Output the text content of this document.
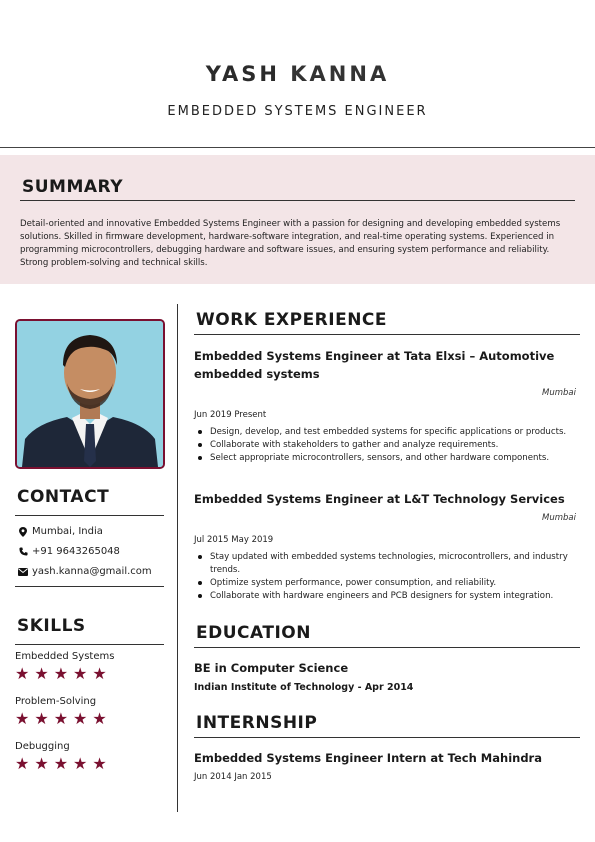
YASH KANNA
EMBEDDED SYSTEMS ENGINEER
SUMMARY

Detail-oriented and innovative Embedded Systems Engineer with a passion for designing and developing embedded systems solutions. Skilled in firmware development, hardware-software integration, and real-time operating systems. Experienced in programming microcontrollers, debugging hardware and software issues, and ensuring system performance and reliability. Strong problem-solving and technical skills.

CONTACT
Mumbai, India
+91 9643265048
yash.kanna@gmail.com
SKILLS
Embedded Systems
★ ★ ★ ★ ★
Problem-Solving
★ ★ ★ ★ ★
Debugging
★ ★ ★ ★ ★
WORK EXPERIENCE
Embedded Systems Engineer at Tata Elxsi – Automotive embedded systems
Mumbai
Jun 2019 Present
Design, develop, and test embedded systems for specific applications or products.
Collaborate with stakeholders to gather and analyze requirements.
Select appropriate microcontrollers, sensors, and other hardware components.
Embedded Systems Engineer at L&T Technology Services
Mumbai
Jul 2015 May 2019
Stay updated with embedded systems technologies, microcontrollers, and industry trends.
Optimize system performance, power consumption, and reliability.
Collaborate with hardware engineers and PCB designers for system integration.
EDUCATION
BE in Computer Science
Indian Institute of Technology - Apr 2014
INTERNSHIP
Embedded Systems Engineer Intern at Tech Mahindra
Jun 2014 Jan 2015
